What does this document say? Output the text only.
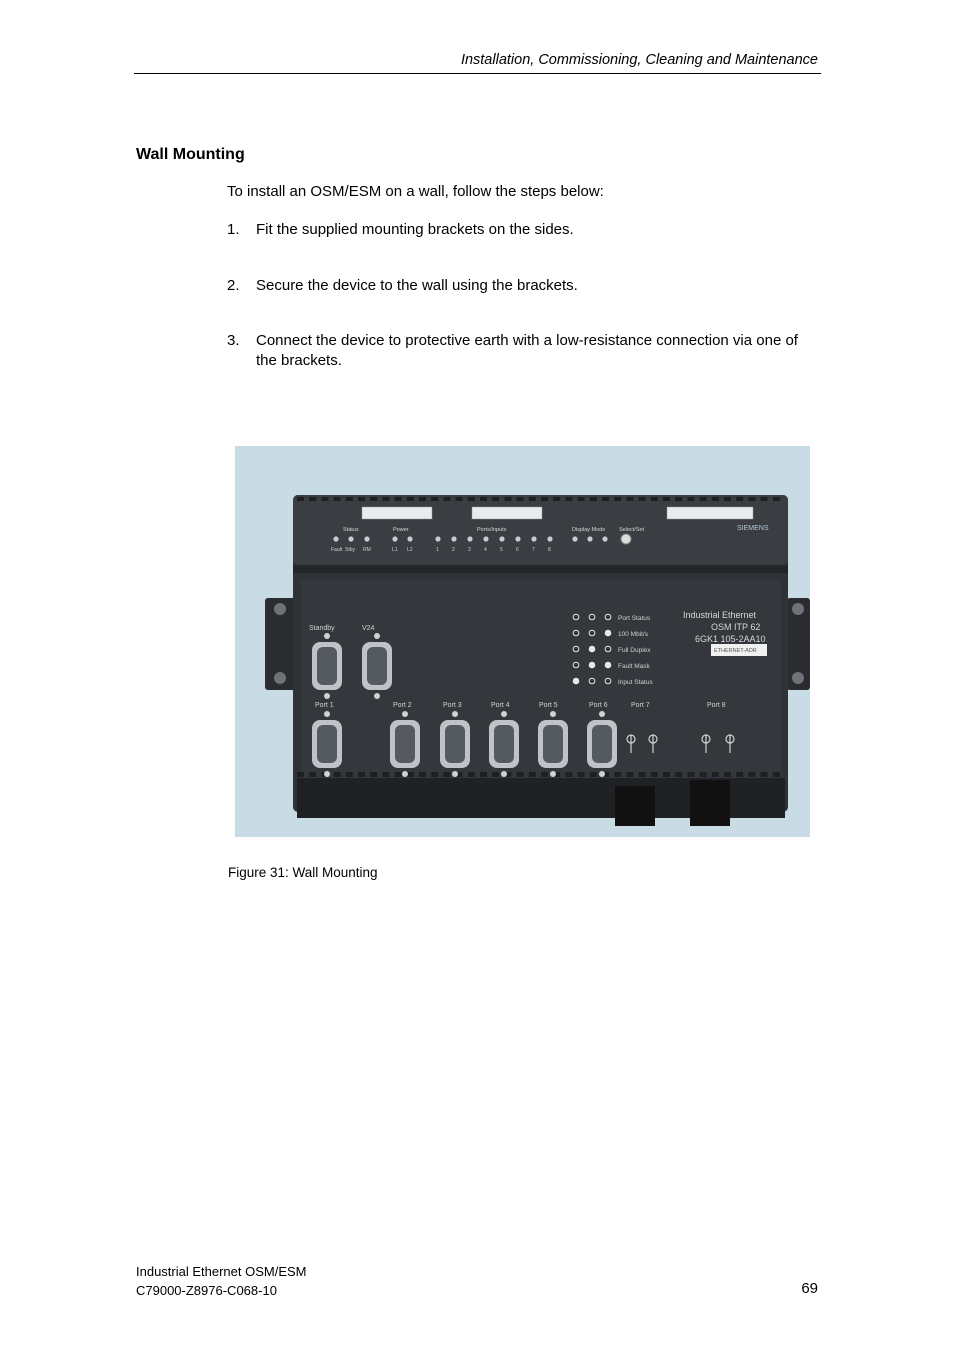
Installation, Commissioning, Cleaning and Maintenance
Wall Mounting
To install an OSM/ESM on a wall, follow the steps below:
1. Fit the supplied mounting brackets on the sides.
2. Secure the device to the wall using the brackets.
3. Connect the device to protective earth with a low-resistance connection via one of the brackets.
Status	Power	Ports/Inputs	Display Mode Select/Set	SIEMENS
Fault Stby RM	L1 L2	1	2	3	4	5	6	7	8
Industrial Ethernet
OSM ITP 62
6GK1 105-2AA10
ETHERNET-ADR
Port Status
100 Mbit/s
Full Duplex
Fault Mask
Input Status
Standby	V24
Port 1	Port 2	Port 3	Port 4	Port 5	Port 6	Port 7	Port 8
Figure 31: Wall Mounting
Industrial Ethernet OSM/ESM
C79000-Z8976-C068-10	69
